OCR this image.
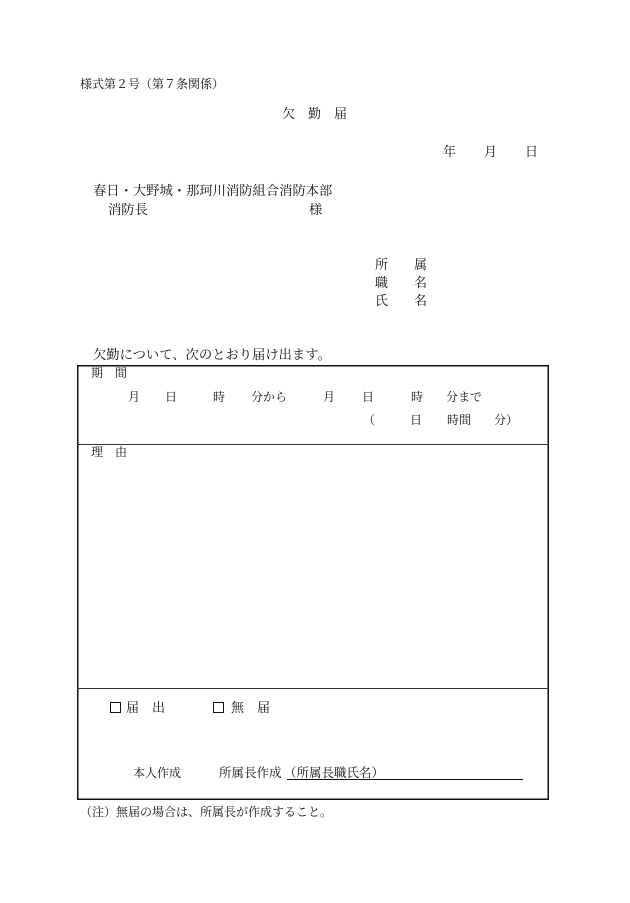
様式第２号（第７条関係）
欠　勤　届
年 月 日
春日・大野城・那珂川消防組合消防本部
消防長	様
所　　属
職　　名
氏　　名
欠勤について、次のとおり届け出ます。
期　間
月 日	時 分から	月 日	時 分まで
（	日 時間 分）
理　由
届　出	無　届
本人作成	所属長作成 （所属長職氏名）
（注）無届の場合は、所属長が作成すること。
